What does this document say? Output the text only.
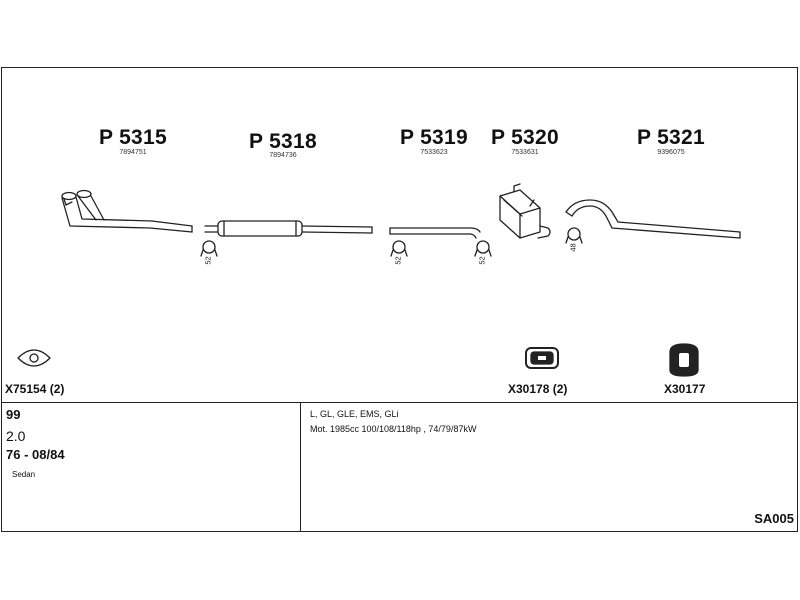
P 5315
7894751	P 5318
7894736
P 5319
7533623
P 5320
7533631
P 5321
9396075
52	52	52
48
X75154 (2)	X30178 (2)	X30177
99
2.0
76 - 08/84
Sedan
L, GL, GLE, EMS, GLi
Mot. 1985cc 100/108/118hp , 74/79/87kW
SA005
